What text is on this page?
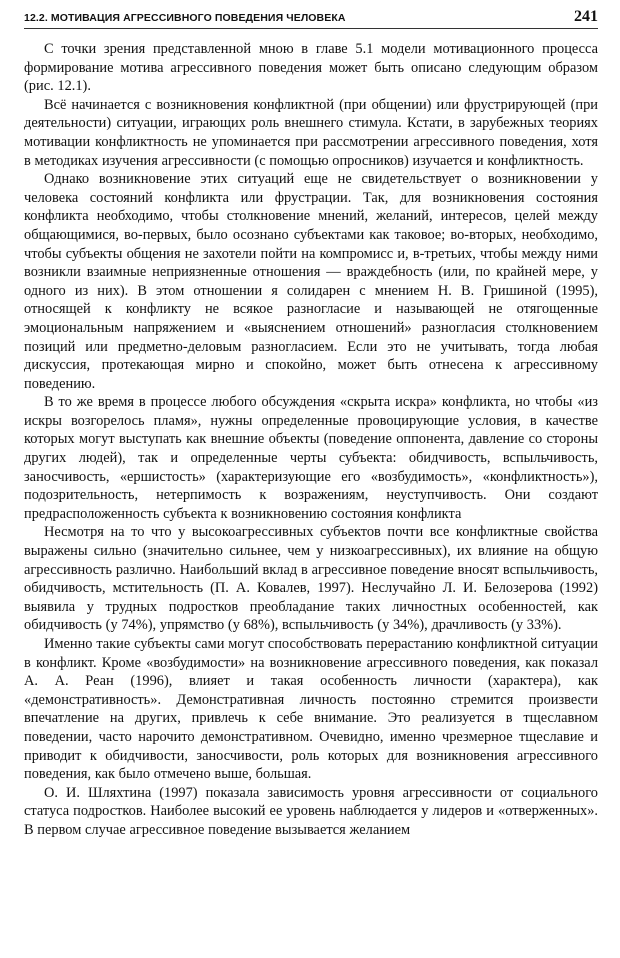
12.2. МОТИВАЦИЯ АГРЕССИВНОГО ПОВЕДЕНИЯ ЧЕЛОВЕКА	241

С точки зрения представленной мною в главе 5.1 модели мотивационного процесса формирование мотива агрессивного поведения может быть описано следующим образом (рис. 12.1).

Всё начинается с возникновения конфликтной (при общении) или фрустрирующей (при деятельности) ситуации, играющих роль внешнего стимула. Кстати, в зарубежных теориях мотивации конфликтность не упоминается при рассмотрении агрессивного поведения, хотя в методиках изучения агрессивности (с помощью опросников) изучается и конфликтность.

Однако возникновение этих ситуаций еще не свидетельствует о возникновении у человека состояний конфликта или фрустрации. Так, для возникновения состояния конфликта необходимо, чтобы столкновение мнений, желаний, интересов, целей между общающимися, во-первых, было осознано субъектами как таковое; во-вторых, необходимо, чтобы субъекты общения не захотели пойти на компромисс и, в-третьих, чтобы между ними возникли взаимные неприязненные отношения — враждебность (или, по крайней мере, у одного из них). В этом отношении я солидарен с мнением Н. В. Гришиной (1995), относящей к конфликту не всякое разногласие и называющей не отягощенные эмоциональным напряжением и «выяснением отношений» разногласия столкновением позиций или предметно-деловым разногласием. Если это не учитывать, тогда любая дискуссия, протекающая мирно и спокойно, может быть отнесена к агрессивному поведению.

В то же время в процессе любого обсуждения «скрыта искра» конфликта, но чтобы «из искры возгорелось пламя», нужны определенные провоцирующие условия, в качестве которых могут выступать как внешние объекты (поведение оппонента, давление со стороны других людей), так и определенные черты субъекта: обидчивость, вспыльчивость, заносчивость, «ершистость» (характеризующие его «возбудимость», «конфликтность»), подозрительность, нетерпимость к возражениям, неуступчивость. Они создают предрасположенность субъекта к возникновению состояния конфликта

Несмотря на то что у высокоагрессивных субъектов почти все конфликтные свойства выражены сильно (значительно сильнее, чем у низкоагрессивных), их влияние на общую агрессивность различно. Наибольший вклад в агрессивное поведение вносят вспыльчивость, обидчивость, мстительность (П. А. Ковалев, 1997). Неслучайно Л. И. Белозерова (1992) выявила у трудных подростков преобладание таких личностных особенностей, как обидчивость (у 74%), упрямство (у 68%), вспыльчивость (у 34%), драчливость (у 33%).

Именно такие субъекты сами могут способствовать перерастанию конфликтной ситуации в конфликт. Кроме «возбудимости» на возникновение агрессивного поведения, как показал А. А. Реан (1996), влияет и такая особенность личности (характера), как «демонстративность». Демонстративная личность постоянно стремится произвести впечатление на других, привлечь к себе внимание. Это реализуется в тщеславном поведении, часто нарочито демонстративном. Очевидно, именно чрезмерное тщеславие и приводит к обидчивости, заносчивости, роль которых для возникновения агрессивного поведения, как было отмечено выше, большая.

О. И. Шляхтина (1997) показала зависимость уровня агрессивности от социального статуса подростков. Наиболее высокий ее уровень наблюдается у лидеров и «отверженных». В первом случае агрессивное поведение вызывается желанием
